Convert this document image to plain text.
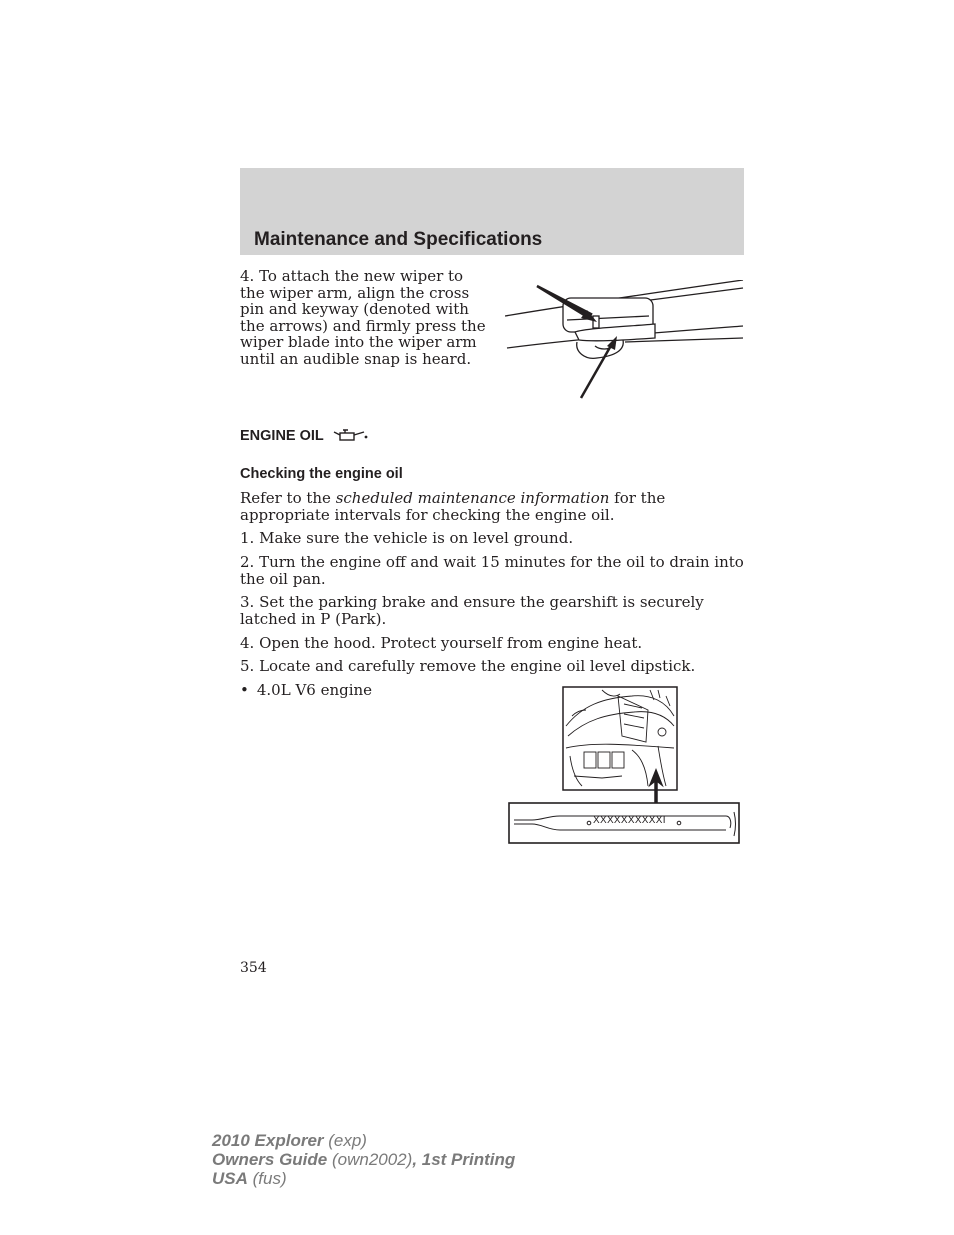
Maintenance and Specifications

4. To attach the new wiper to the wiper arm, align the cross pin and keyway (denoted with the arrows) and firmly press the wiper blade into the wiper arm until an audible snap is heard.

ENGINE OIL
Checking the engine oil

Refer to the scheduled maintenance information for the appropriate intervals for checking the engine oil.

1. Make sure the vehicle is on level ground.

2. Turn the engine off and wait 15 minutes for the oil to drain into the oil pan.

3. Set the parking brake and ensure the gearshift is securely latched in P (Park).

4. Open the hood. Protect yourself from engine heat.

5. Locate and carefully remove the engine oil level dipstick.

• 4.0L V6 engine

XXXXXXXXXXI
354
2010 Explorer (exp)
Owners Guide (own2002), 1st Printing
USA (fus)
